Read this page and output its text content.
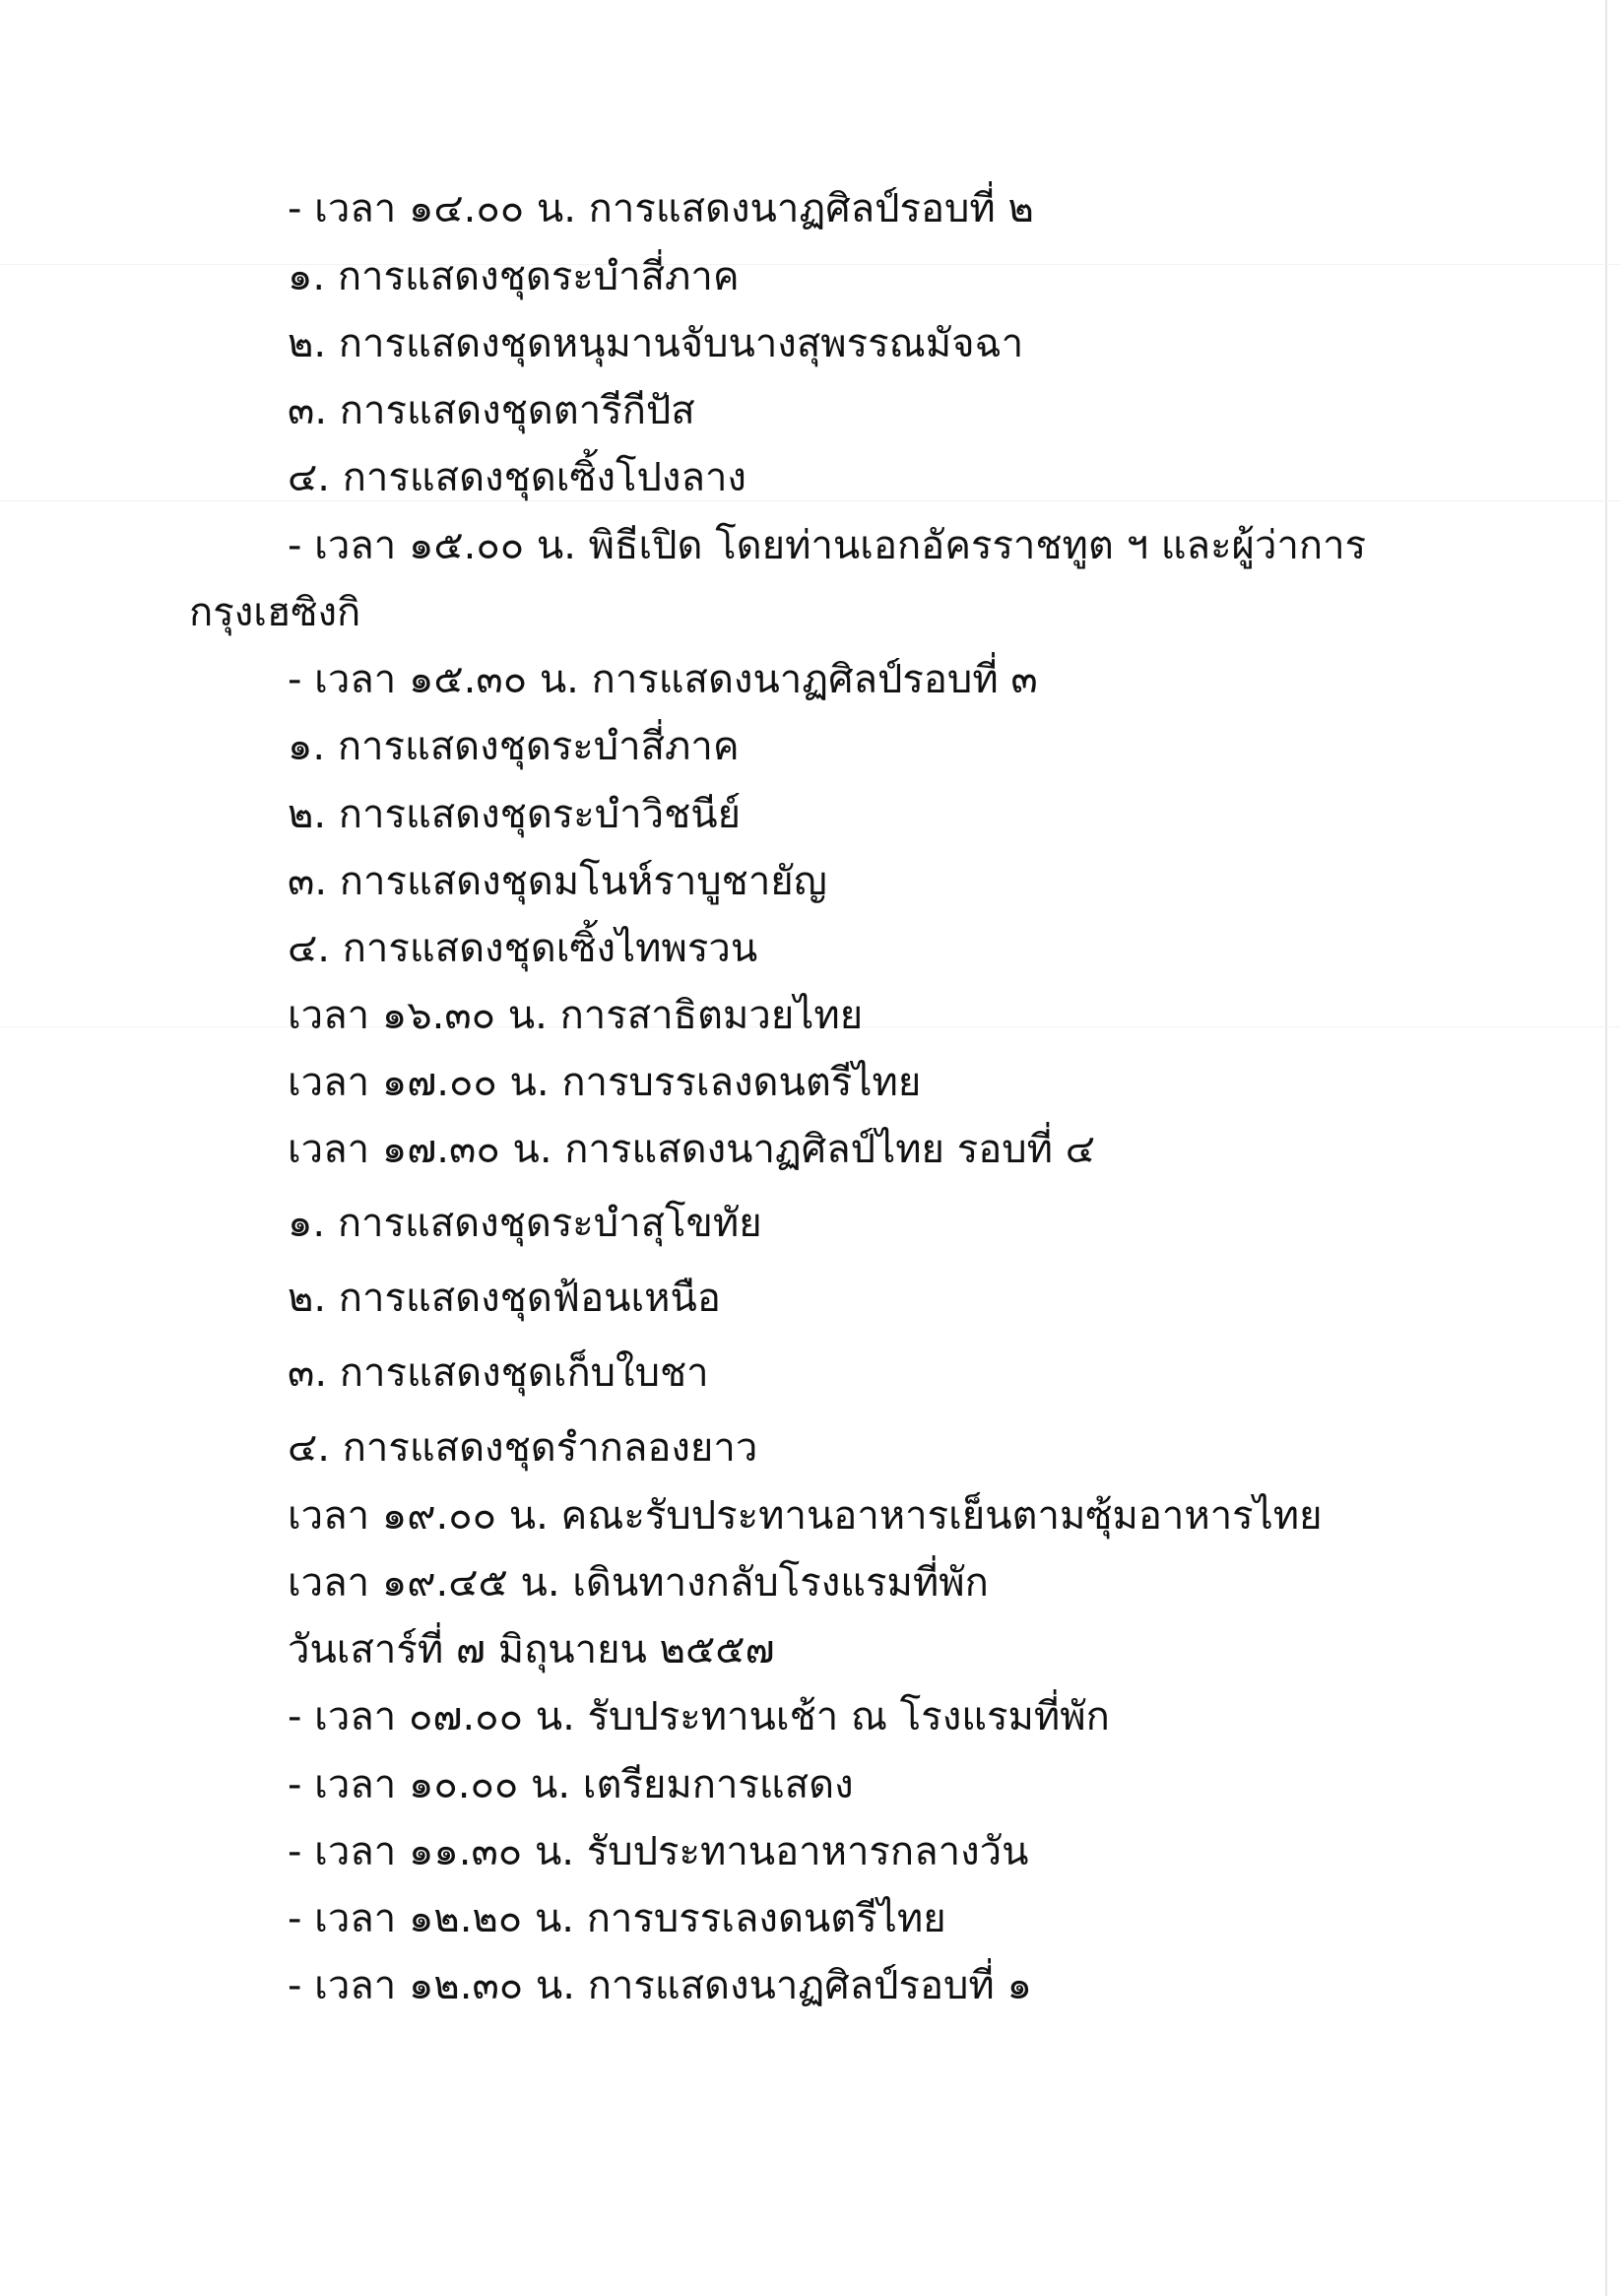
- เวลา ๑๔.๐๐ น. การแสดงนาฏศิลป์รอบที่ ๒

๑. การแสดงชุดระบำสี่ภาค

๒. การแสดงชุดหนุมานจับนางสุพรรณมัจฉา

๓. การแสดงชุดตารีกีปัส

๔. การแสดงชุดเซิ้งโปงลาง

- เวลา ๑๕.๐๐ น. พิธีเปิด โดยท่านเอกอัครราชทูต ฯ และผู้ว่าการ

กรุงเฮซิงกิ

- เวลา ๑๕.๓๐ น. การแสดงนาฏศิลป์รอบที่ ๓

๑. การแสดงชุดระบำสี่ภาค

๒. การแสดงชุดระบำวิชนีย์

๓. การแสดงชุดมโนห์ราบูชายัญ

๔. การแสดงชุดเซิ้งไทพรวน

เวลา ๑๖.๓๐ น. การสาธิตมวยไทย

เวลา ๑๗.๐๐ น. การบรรเลงดนตรีไทย

เวลา ๑๗.๓๐ น. การแสดงนาฏศิลป์ไทย รอบที่ ๔

๑. การแสดงชุดระบำสุโขทัย

๒. การแสดงชุดฟ้อนเหนือ

๓. การแสดงชุดเก็บใบชา

๔. การแสดงชุดรำกลองยาว

เวลา ๑๙.๐๐ น. คณะรับประทานอาหารเย็นตามซุ้มอาหารไทย

เวลา ๑๙.๔๕ น. เดินทางกลับโรงแรมที่พัก

วันเสาร์ที่ ๗ มิถุนายน ๒๕๕๗

- เวลา ๐๗.๐๐ น. รับประทานเช้า ณ โรงแรมที่พัก

- เวลา ๑๐.๐๐ น. เตรียมการแสดง

- เวลา ๑๑.๓๐ น. รับประทานอาหารกลางวัน

- เวลา ๑๒.๒๐ น. การบรรเลงดนตรีไทย

- เวลา ๑๒.๓๐ น. การแสดงนาฏศิลป์รอบที่ ๑
